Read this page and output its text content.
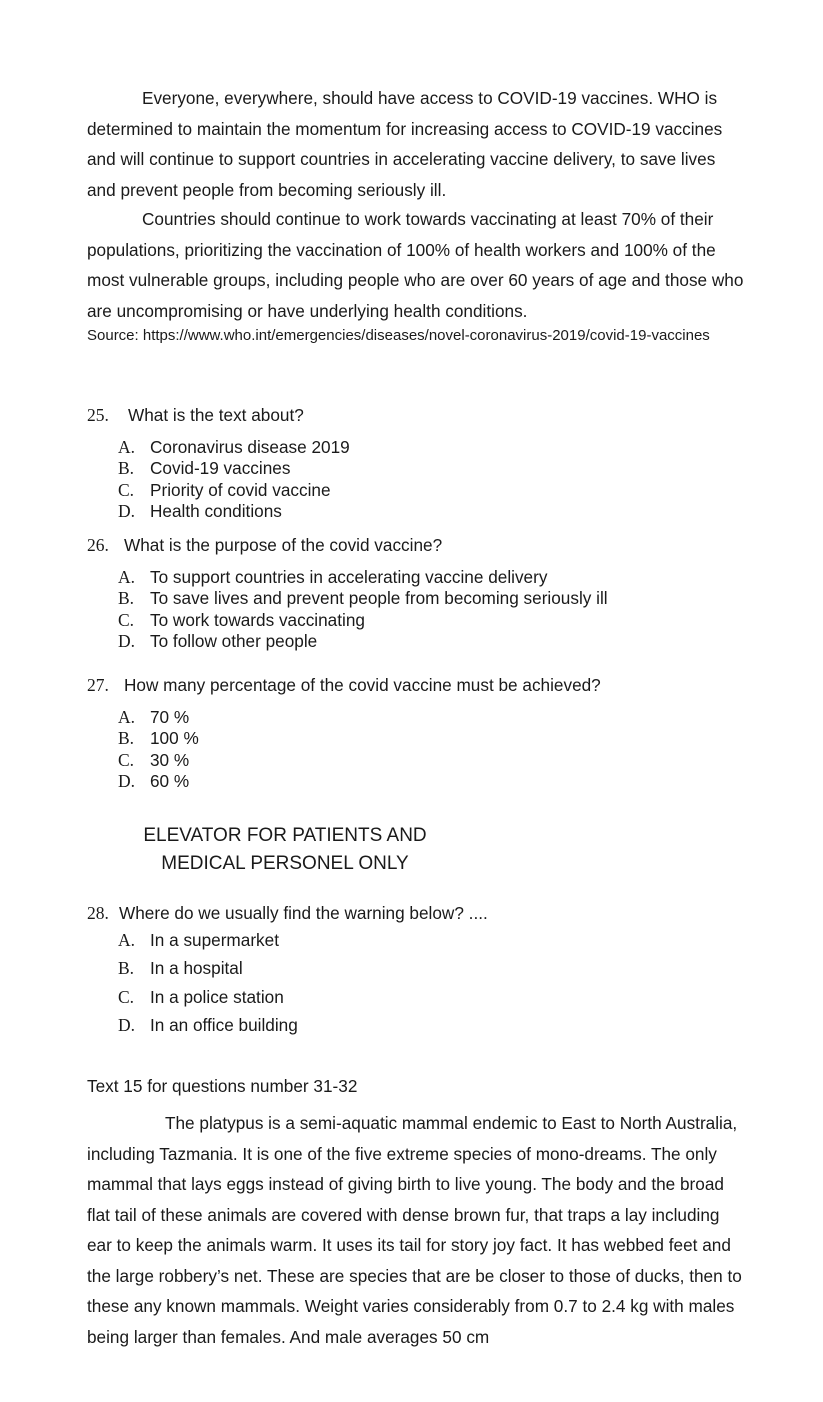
Everyone, everywhere, should have access to COVID-19 vaccines. WHO is determined to maintain the momentum for increasing access to COVID-19 vaccines and will continue to support countries in accelerating vaccine delivery, to save lives and prevent people from becoming seriously ill.

Countries should continue to work towards vaccinating at least 70% of their populations, prioritizing the vaccination of 100% of health workers and 100% of the most vulnerable groups, including people who are over 60 years of age and those who are uncompromising or have underlying health conditions.

Source: https://www.who.int/emergencies/diseases/novel-coronavirus-2019/covid-19-vaccines

25. What is the text about?

A. Coronavirus disease 2019
B. Covid-19 vaccines
C. Priority of covid vaccine
D. Health conditions

26. What is the purpose of the covid vaccine?

A. To support countries in accelerating vaccine delivery
B. To save lives and prevent people from becoming seriously ill
C. To work towards vaccinating
D. To follow other people

27. How many percentage of the covid vaccine must be achieved?

A. 70 %
B. 100 %
C. 30 %
D. 60 %
ELEVATOR FOR PATIENTS AND
MEDICAL PERSONEL ONLY

28. Where do we usually find the warning below? ....

A. In a supermarket
B. In a hospital
C. In a police station
D. In an office building

Text 15 for questions number 31-32

The platypus is a semi-aquatic mammal endemic to East to North Australia, including Tazmania. It is one of the five extreme species of mono-dreams. The only mammal that lays eggs instead of giving birth to live young. The body and the broad flat tail of these animals are covered with dense brown fur, that traps a lay including ear to keep the animals warm. It uses its tail for story joy fact. It has webbed feet and the large robbery’s net. These are species that are be closer to those of ducks, then to these any known mammals. Weight varies considerably from 0.7 to 2.4 kg with males being larger than females. And male averages 50 cm
